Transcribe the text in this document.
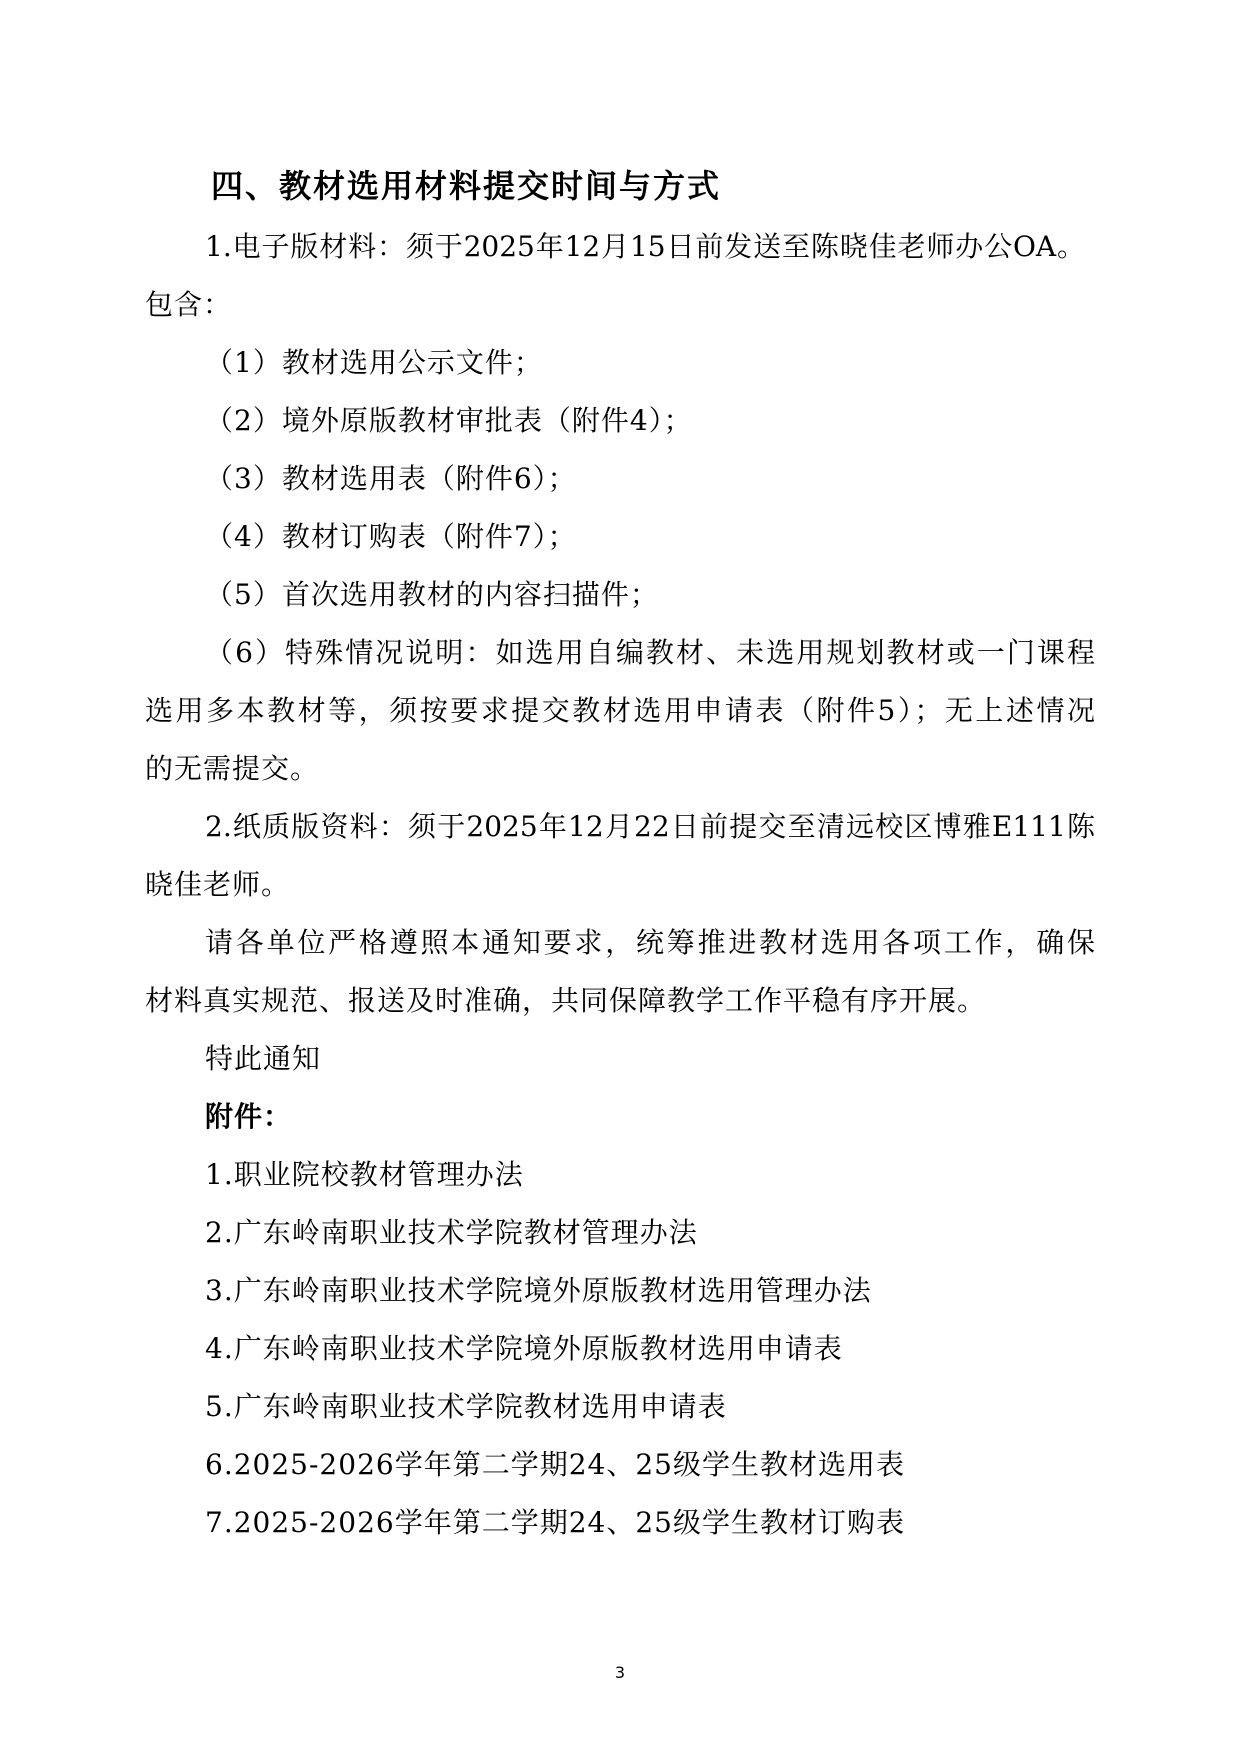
四、教材选用材料提交时间与方式
1.电子版材料：须于2025年12月15日前发送至陈晓佳老师办公OA。
包含：
（1）教材选用公示文件；
（2）境外原版教材审批表（附件4）；
（3）教材选用表（附件6）；
（4）教材订购表（附件7）；
（5）首次选用教材的内容扫描件；
（6）特殊情况说明：如选用自编教材、未选用规划教材或一门课程
选用多本教材等，须按要求提交教材选用申请表（附件5）；无上述情况
的无需提交。
2.纸质版资料：须于2025年12月22日前提交至清远校区博雅E111陈
晓佳老师。
请各单位严格遵照本通知要求，统筹推进教材选用各项工作，确保
材料真实规范、报送及时准确，共同保障教学工作平稳有序开展。
特此通知
附件：
1.职业院校教材管理办法
2.广东岭南职业技术学院教材管理办法
3.广东岭南职业技术学院境外原版教材选用管理办法
4.广东岭南职业技术学院境外原版教材选用申请表
5.广东岭南职业技术学院教材选用申请表
6.2025-2026学年第二学期24、25级学生教材选用表
7.2025-2026学年第二学期24、25级学生教材订购表
3
